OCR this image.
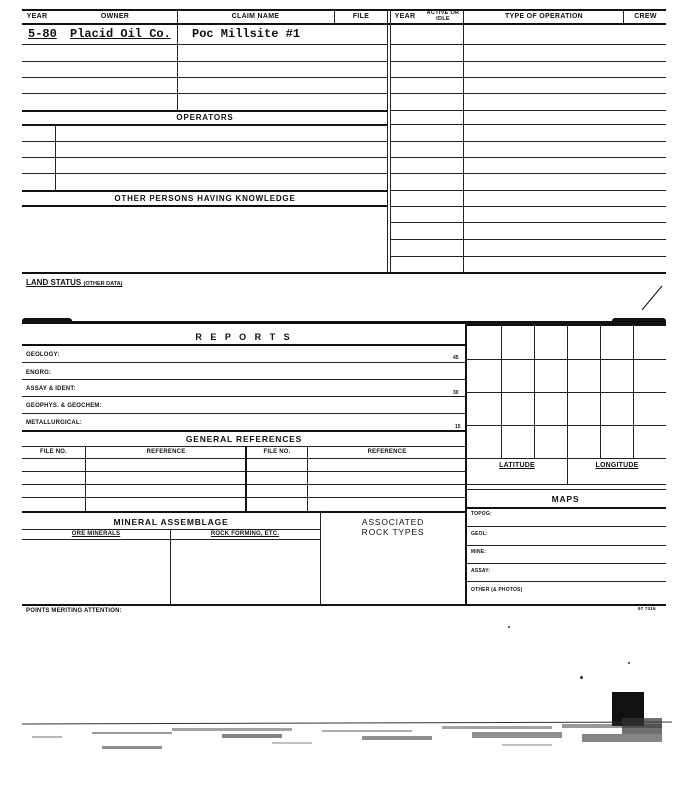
YEAR	OWNER	CLAIM NAME	FILE	YEAR	ACTIVE OR IDLE	TYPE OF OPERATION	CREW
5-80 Placid Oil Co. Poc Millsite #1
OPERATORS
OTHER PERSONS HAVING KNOWLEDGE
LAND STATUS (OTHER DATA)
R E P O R T S
GEOLOGY:	45
ENGRG:
ASSAY & IDENT:
30
GEOPHYS. & GEOCHEM:
METALLURGICAL:
15
GENERAL REFERENCES
FILE NO.	REFERENCE	FILE NO.	REFERENCE
MINERAL ASSEMBLAGE
ORE MINERALS	ROCK FORMING, ETC.
ASSOCIATED
ROCK TYPES
LATITUDE	LONGITUDE
MAPS
TOPOG:
GEOL:
MINE:
ASSAY:
OTHER (& PHOTOS)
POINTS MERITING ATTENTION:	97 7316
